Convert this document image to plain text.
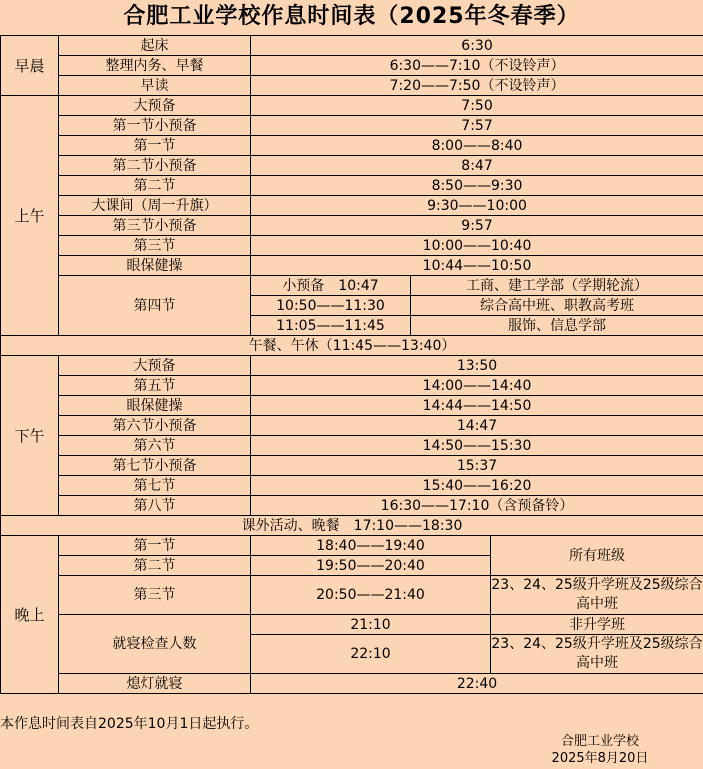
合肥工业学校作息时间表（2025年冬春季）
早晨	起床	6:30		
	整理内务、早餐	6:30——7:10（不设铃声）		
	早读	7:20——7:50（不设铃声）		
上午	大预备	7:50		
	第一节小预备	7:57		
	第一节	8:00——8:40		
	第二节小预备	8:47		
	第二节	8:50——9:30		
	大课间（周一升旗）	9:30——10:00		
	第三节小预备	9:57		
	第三节	10:00——10:40		
	眼保健操	10:44——10:50		
	第四节	小预备　10:47	工商、建工学部（学期轮流）	
		10:50——11:30	综合高中班、职教高考班	
		11:05——11:45	服饰、信息学部	
午餐、午休（11:45——13:40）				
下午	大预备	13:50		
	第五节	14:00——14:40		
	眼保健操	14:44——14:50		
	第六节小预备	14:47		
	第六节	14:50——15:30		
	第七节小预备	15:37		
	第七节	15:40——16:20		
	第八节	16:30——17:10（含预备铃）		
课外活动、晚餐　17:10——18:30				
晚上	第一节	18:40——19:40		所有班级
	第二节	19:50——20:40		
	第三节	20:50——21:40		23、24、25级升学班及25级综合高中班

	就寝检查人数	21:10		非升学班
		22:10		23、24、25级升学班及25级综合高中班

	熄灯就寝	22:40		
本作息时间表自2025年10月1日起执行。
合肥工业学校
2025年8月20日
